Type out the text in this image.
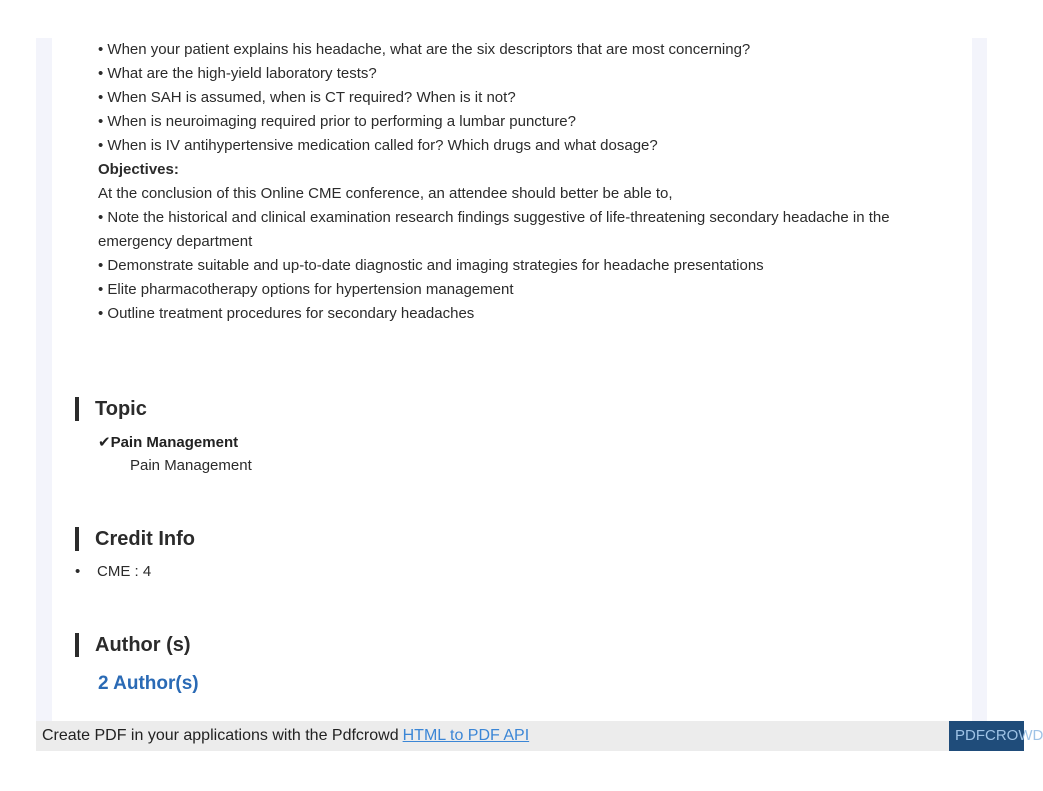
• When your patient explains his headache, what are the six descriptors that are most concerning?

• What are the high-yield laboratory tests?

• When SAH is assumed, when is CT required? When is it not?

• When is neuroimaging required prior to performing a lumbar puncture?

• When is IV antihypertensive medication called for? Which drugs and what dosage?

Objectives:

At the conclusion of this Online CME conference, an attendee should better be able to,

• Note the historical and clinical examination research findings suggestive of life-threatening secondary headache in the

emergency department

• Demonstrate suitable and up-to-date diagnostic and imaging strategies for headache presentations

• Elite pharmacotherapy options for hypertension management

• Outline treatment procedures for secondary headaches

Topic
✔Pain Management
Pain Management
Credit Info
•	CME : 4
Author (s)
2 Author(s)
Create PDF in your applications with the Pdfcrowd HTML to PDF API	PDFCROWD
